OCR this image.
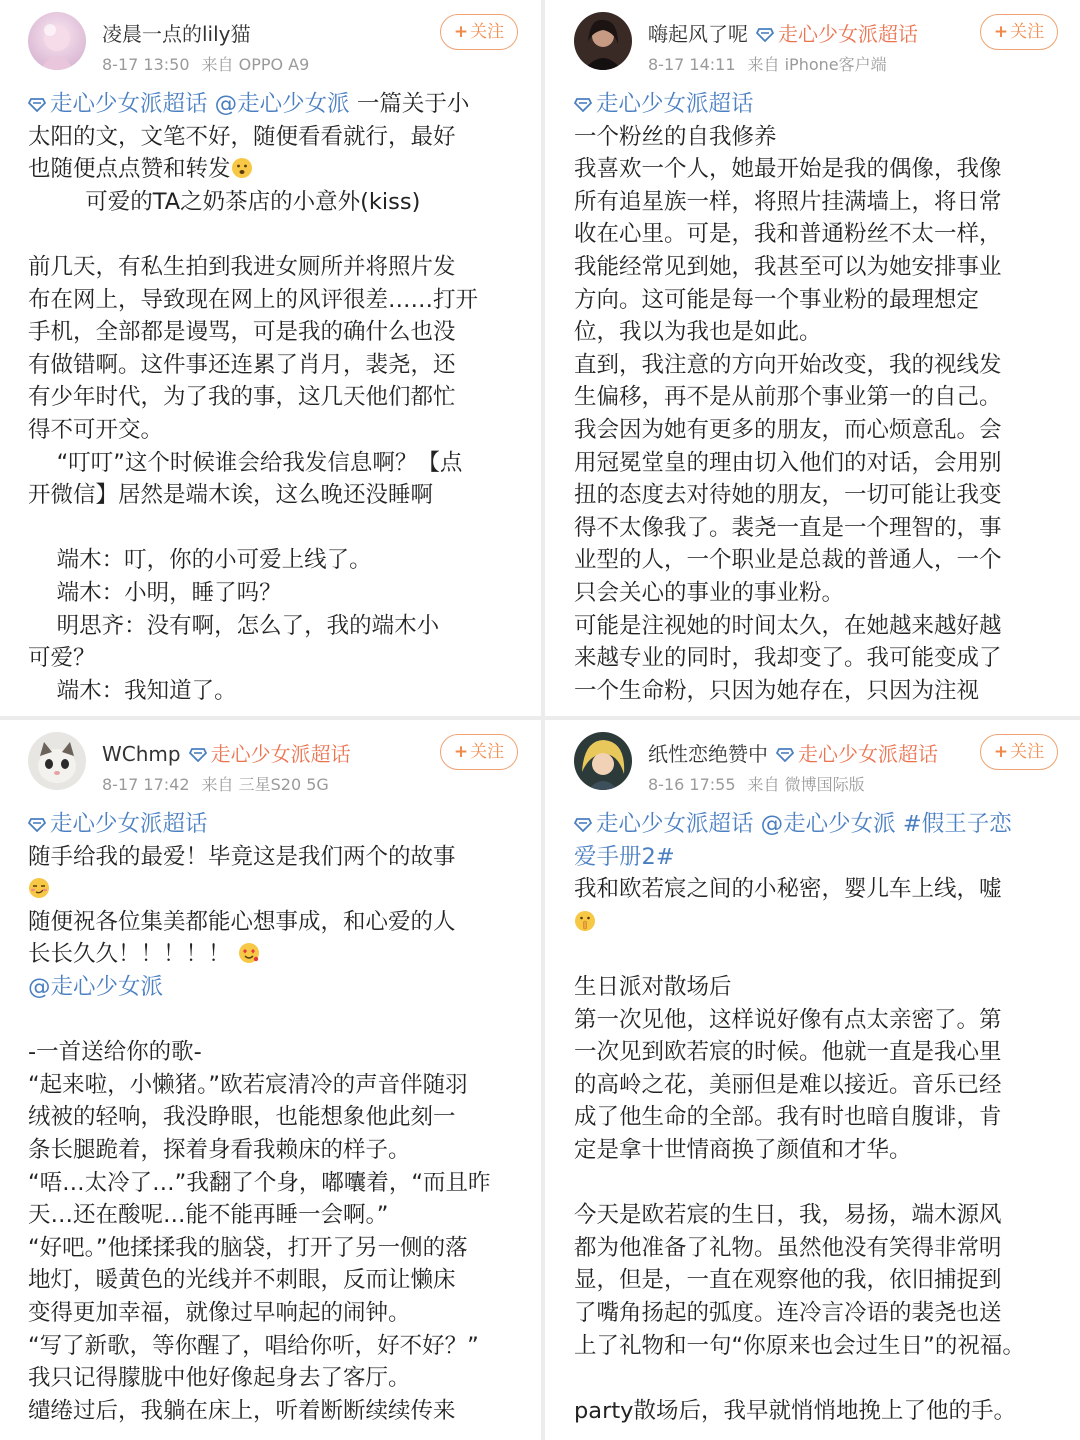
凌晨一点的lily猫
8-17 13:50 来自 OPPO A9
+ 关注
走心少女派超话 @走心少女派 一篇关于小
太阳的文，文笔不好，随便看看就行，最好
也随便点点赞和转发
可爱的TA之奶茶店的小意外(kiss)
前几天，有私生拍到我进女厕所并将照片发
布在网上，导致现在网上的风评很差……打开
手机，全部都是谩骂，可是我的确什么也没
有做错啊。这件事还连累了肖月，裴尧，还
有少年时代，为了我的事，这几天他们都忙
得不可开交。
“叮叮”这个时候谁会给我发信息啊？【点
开微信】居然是端木诶，这么晚还没睡啊
端木：叮，你的小可爱上线了。
端木：小明，睡了吗？
明思齐：没有啊，怎么了，我的端木小
可爱？
端木：我知道了。
嗨起风了呢 走心少女派超话
8-17 14:11 来自 iPhone客户端
+ 关注
走心少女派超话
一个粉丝的自我修养
我喜欢一个人，她最开始是我的偶像，我像
所有追星族一样，将照片挂满墙上，将日常
收在心里。可是，我和普通粉丝不太一样，
我能经常见到她，我甚至可以为她安排事业
方向。这可能是每一个事业粉的最理想定
位，我以为我也是如此。
直到，我注意的方向开始改变，我的视线发
生偏移，再不是从前那个事业第一的自己。
我会因为她有更多的朋友，而心烦意乱。会
用冠冕堂皇的理由切入他们的对话，会用别
扭的态度去对待她的朋友，一切可能让我变
得不太像我了。裴尧一直是一个理智的，事
业型的人，一个职业是总裁的普通人，一个
只会关心的事业的事业粉。
可能是注视她的时间太久，在她越来越好越
来越专业的同时，我却变了。我可能变成了
一个生命粉，只因为她存在，只因为注视
WChmp 走心少女派超话
8-17 17:42 来自 三星S20 5G
+ 关注
走心少女派超话
随手给我的最爱！毕竟这是我们两个的故事
随便祝各位集美都能心想事成，和心爱的人
长长久久！！！！！
@走心少女派
-一首送给你的歌-
“起来啦，小懒猪。”欧若宸清冷的声音伴随羽
绒被的轻响，我没睁眼，也能想象他此刻一
条长腿跪着，探着身看我赖床的样子。
“唔…太冷了…”我翻了个身，嘟囔着，“而且昨
天…还在酸呢…能不能再睡一会啊。”
“好吧。”他揉揉我的脑袋，打开了另一侧的落
地灯，暖黄色的光线并不刺眼，反而让懒床
变得更加幸福，就像过早响起的闹钟。
“写了新歌，等你醒了，唱给你听，好不好？”
我只记得朦胧中他好像起身去了客厅。
缱绻过后，我躺在床上，听着断断续续传来
纸性恋绝赞中 走心少女派超话
8-16 17:55 来自 微博国际版
+ 关注
走心少女派超话 @走心少女派 #假王子恋
爱手册2#
我和欧若宸之间的小秘密，婴儿车上线，嘘
生日派对散场后
第一次见他，这样说好像有点太亲密了。第
一次见到欧若宸的时候。他就一直是我心里
的高岭之花，美丽但是难以接近。音乐已经
成了他生命的全部。我有时也暗自腹诽，肯
定是拿十世情商换了颜值和才华。
今天是欧若宸的生日，我，易扬，端木源风
都为他准备了礼物。虽然他没有笑得非常明
显，但是，一直在观察他的我，依旧捕捉到
了嘴角扬起的弧度。连冷言冷语的裴尧也送
上了礼物和一句“你原来也会过生日”的祝福。
party散场后，我早就悄悄地挽上了他的手。
